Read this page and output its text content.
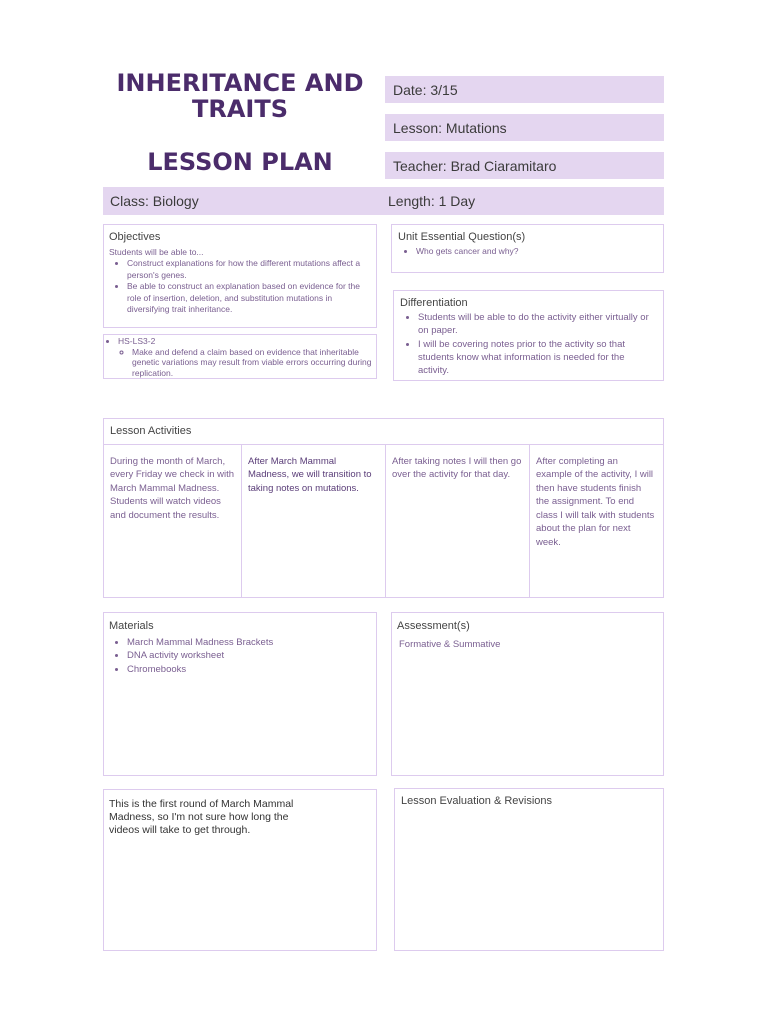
INHERITANCE AND
TRAITS
LESSON PLAN
Date: 3/15
Lesson: Mutations
Teacher: Brad Ciaramitaro
Class: Biology	Length: 1 Day
Objectives
Students will be able to...
• Construct explanations for how the different mutations affect a person's genes.
• Be able to construct an explanation based on evidence for the role of insertion, deletion, and substitution mutations in diversifying trait inheritance.
• HS-LS3-2
◦ Make and defend a claim based on evidence that inheritable genetic variations may result from viable errors occurring during replication.
Unit Essential Question(s)
• Who gets cancer and why?
Differentiation
• Students will be able to do the activity either virtually or on paper.
• I will be covering notes prior to the activity so that students know what information is needed for the activity.
Lesson Activities
During the month of March, every Friday we check in with March Mammal Madness. Students will watch videos and document the results.
After March Mammal Madness, we will transition to taking notes on mutations.
After taking notes I will then go over the activity for that day.
After completing an example of the activity, I will then have students finish the assignment. To end class I will talk with students about the plan for next week.
Materials
• March Mammal Madness Brackets
• DNA activity worksheet
• Chromebooks
Assessment(s)
Formative & Summative
This is the first round of March Mammal Madness, so I'm not sure how long the videos will take to get through.
Lesson Evaluation & Revisions
